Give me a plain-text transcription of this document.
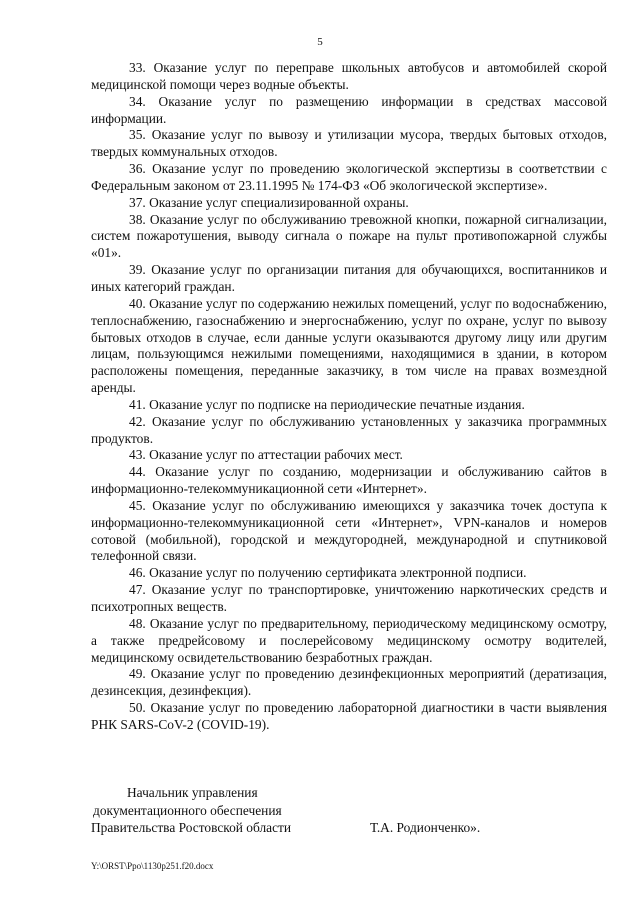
5

33. Оказание услуг по переправе школьных автобусов и автомобилей скорой медицинской помощи через водные объекты.

34. Оказание услуг по размещению информации в средствах массовой информации.

35. Оказание услуг по вывозу и утилизации мусора, твердых бытовых отходов, твердых коммунальных отходов.

36. Оказание услуг по проведению экологической экспертизы в соответствии с Федеральным законом от 23.11.1995 № 174-ФЗ «Об экологической экспертизе».

37. Оказание услуг специализированной охраны.

38. Оказание услуг по обслуживанию тревожной кнопки, пожарной сигнализации, систем пожаротушения, выводу сигнала о пожаре на пульт противопожарной службы «01».

39. Оказание услуг по организации питания для обучающихся, воспитанников и иных категорий граждан.

40. Оказание услуг по содержанию нежилых помещений, услуг по водоснабжению, теплоснабжению, газоснабжению и энергоснабжению, услуг по охране, услуг по вывозу бытовых отходов в случае, если данные услуги оказываются другому лицу или другим лицам, пользующимся нежилыми помещениями, находящимися в здании, в котором расположены помещения, переданные заказчику, в том числе на правах возмездной аренды.

41. Оказание услуг по подписке на периодические печатные издания.

42. Оказание услуг по обслуживанию установленных у заказчика программных продуктов.

43. Оказание услуг по аттестации рабочих мест.

44. Оказание услуг по созданию, модернизации и обслуживанию сайтов в информационно-телекоммуникационной сети «Интернет».

45. Оказание услуг по обслуживанию имеющихся у заказчика точек доступа к информационно-телекоммуникационной сети «Интернет», VPN-каналов и номеров сотовой (мобильной), городской и междугородней, международной и спутниковой телефонной связи.

46. Оказание услуг по получению сертификата электронной подписи.

47. Оказание услуг по транспортировке, уничтожению наркотических средств и психотропных веществ.

48. Оказание услуг по предварительному, периодическому медицинскому осмотру, а также предрейсовому и послерейсовому медицинскому осмотру водителей, медицинскому освидетельствованию безработных граждан.

49. Оказание услуг по проведению дезинфекционных мероприятий (дератизация, дезинсекция, дезинфекция).

50. Оказание услуг по проведению лабораторной диагностики в части выявления РНК SARS-CoV-2 (COVID-19).

Начальник управления
документационного обеспечения
Правительства Ростовской области	Т.А. Родионченко».
Y:\ORST\Ppo\1130p251.f20.docx
